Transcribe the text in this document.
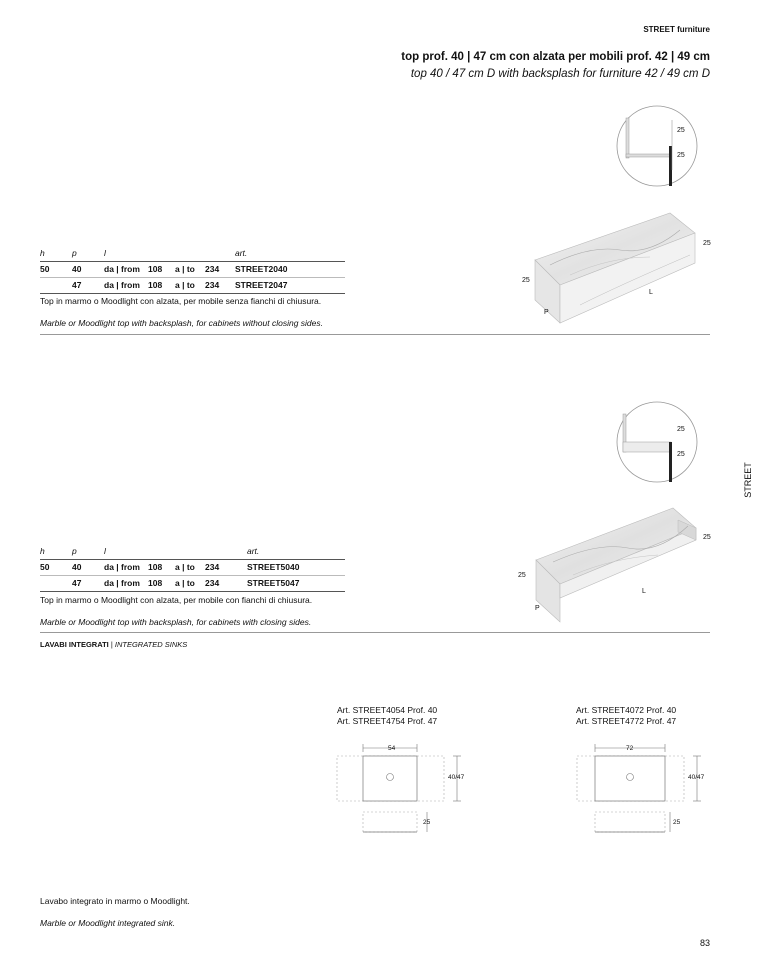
STREET furniture
top prof. 40 | 47 cm con alzata per mobili prof. 42 | 49 cm
top 40 / 47 cm D with backsplash for furniture 42 / 49 cm D
STREET
25
25
25
25
L
P
h	p	l				art.
50	40	da | from	108	a | to	234	STREET2040
	47	da | from	108	a | to	234	STREET2047
Top in marmo o Moodlight con alzata, per mobile senza fianchi di chiusura.
Marble or Moodlight top with backsplash, for cabinets without closing sides.
25
25
25
25
L
P
h	p	l				art.
50	40	da | from	108	a | to	234	STREET5040
	47	da | from	108	a | to	234	STREET5047
Top in marmo o Moodlight con alzata, per mobile con fianchi di chiusura.
Marble or Moodlight top with backsplash, for cabinets with closing sides.
LAVABI INTEGRATI | INTEGRATED SINKS
Art. STREET4054 Prof. 40
Art. STREET4754 Prof. 47
54
40/47
25
Art. STREET4072 Prof. 40
Art. STREET4772 Prof. 47
72
40/47
25
Lavabo integrato in marmo o Moodlight.
Marble or Moodlight integrated sink.
83
